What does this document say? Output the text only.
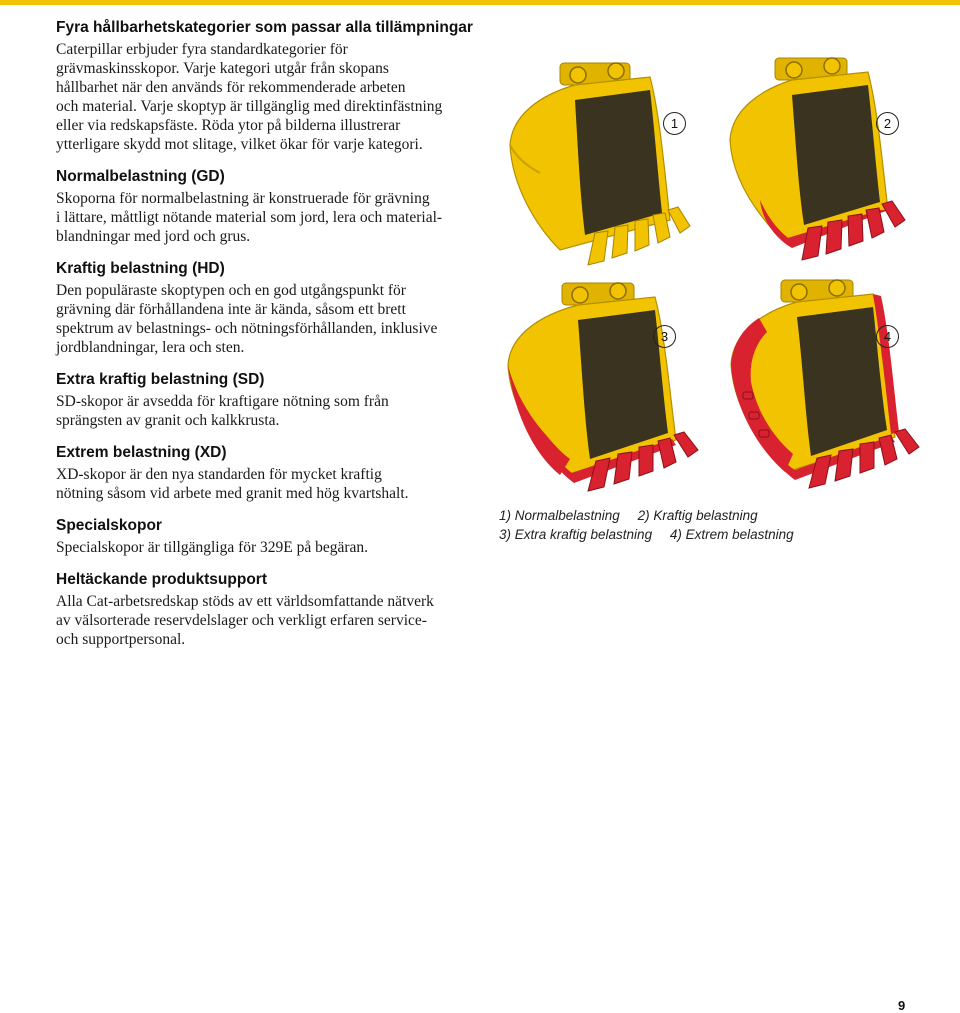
Fyra hållbarhetskategorier som passar alla tillämpningar

Caterpillar erbjuder fyra standardkategorier för
grävmaskinsskopor. Varje kategori utgår från skopans
hållbarhet när den används för rekommenderade arbeten
och material. Varje skoptyp är tillgänglig med direktinfästning
eller via redskapsfäste. Röda ytor på bilderna illustrerar
ytterligare skydd mot slitage, vilket ökar för varje kategori.

Normalbelastning (GD)

Skoporna för normalbelastning är konstruerade för grävning
i lättare, måttligt nötande material som jord, lera och material-
blandningar med jord och grus.

Kraftig belastning (HD)

Den populäraste skoptypen och en god utgångspunkt för
grävning där förhållandena inte är kända, såsom ett brett
spektrum av belastnings- och nötningsförhållanden, inklusive
jordblandningar, lera och sten.

Extra kraftig belastning (SD)

SD-skopor är avsedda för kraftigare nötning som från
sprängsten av granit och kalkkrusta.

Extrem belastning (XD)

XD-skopor är den nya standarden för mycket kraftig
nötning såsom vid arbete med granit med hög kvartshalt.

Specialskopor

Specialskopor är tillgängliga för 329E på begäran.

Heltäckande produktsupport

Alla Cat-arbetsredskap stöds av ett världsomfattande nätverk
av välsorterade reservdelslager och verkligt erfaren service-
och supportpersonal.

1	2
3	4
1) Normalbelastning 2) Kraftig belastning 3) Extra kraftig belastning 4) Extrem belastning
9
